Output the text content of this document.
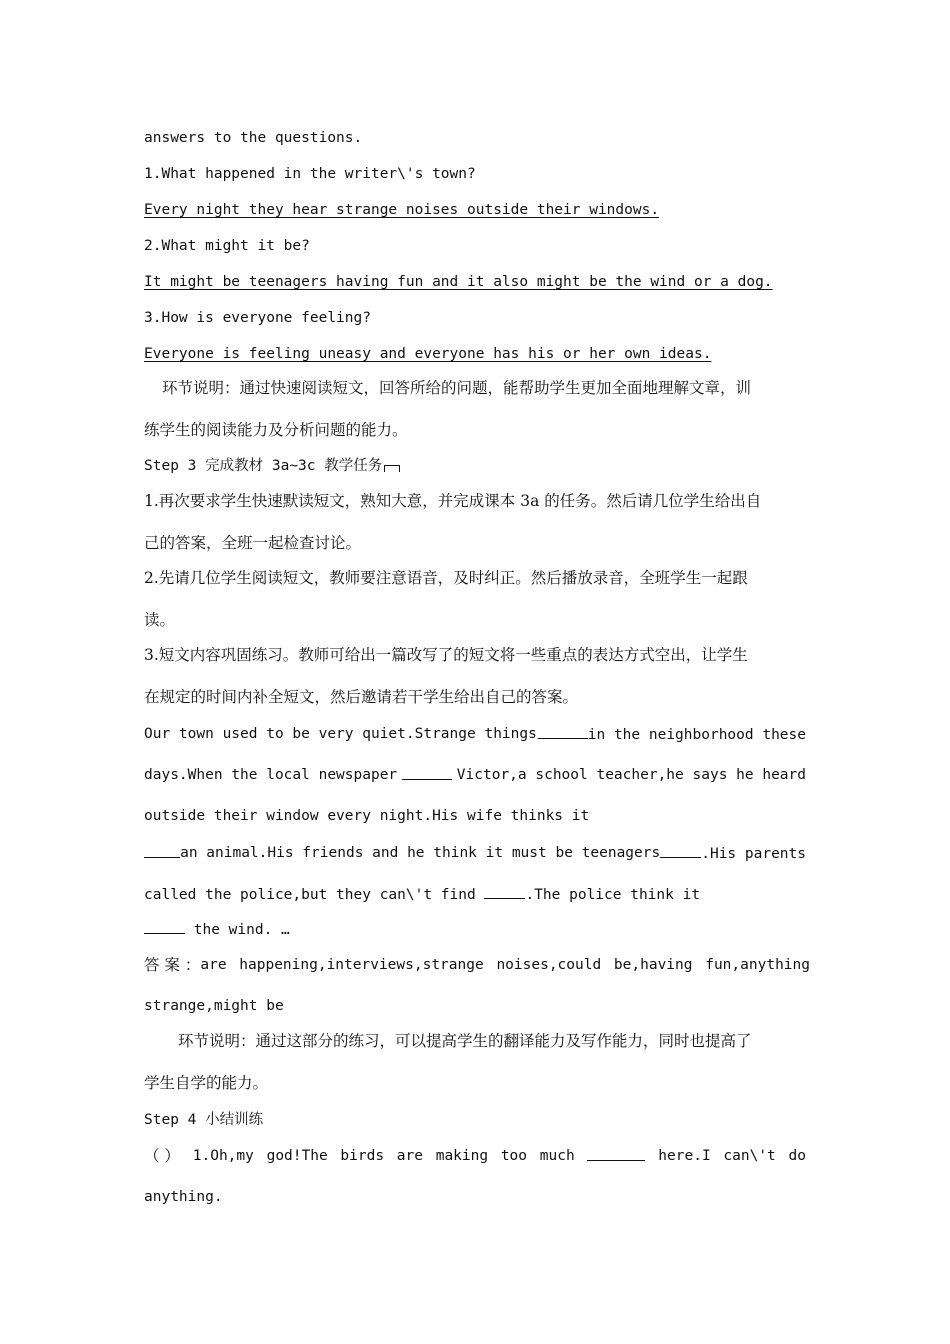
answers to the questions.
1.What happened in the writer\'s town?
Every night they hear strange noises outside their windows.
2.What might it be?
It might be teenagers having fun and it also might be the wind or a dog.
3.How is everyone feeling?
Everyone is feeling uneasy and everyone has his or her own ideas.
环节说明：通过快速阅读短文，回答所给的问题，能帮助学生更加全面地理解文章，训
练学生的阅读能力及分析问题的能力。
Step 3 完成教材 3a~3c 教学任务
1.再次要求学生快速默读短文，熟知大意，并完成课本 3a 的任务。然后请几位学生给出自
己的答案，全班一起检查讨论。
2.先请几位学生阅读短文，教师要注意语音，及时纠正。然后播放录音，全班学生一起跟
读。
3.短文内容巩固练习。教师可给出一篇改写了的短文将一些重点的表达方式空出，让学生
在规定的时间内补全短文，然后邀请若干学生给出自己的答案。
Our town used to be very quiet.Strange things	in the neighborhood these
days.When the local newspaper	Victor,a school teacher,he says he heard
outside their window every night.His wife thinks it
an animal.His friends and he think it must be teenagers	.His parents
called the police,but they can\'t find	.The police think it
the wind. …
答 案 ： are happening,interviews,strange noises,could be,having fun,anything
strange,might be
环节说明：通过这部分的练习，可以提高学生的翻译能力及写作能力，同时也提高了
学生自学的能力。
Step 4 小结训练
（ ） 1.Oh,my god!The birds are making too much	here.I can\'t do
anything.
